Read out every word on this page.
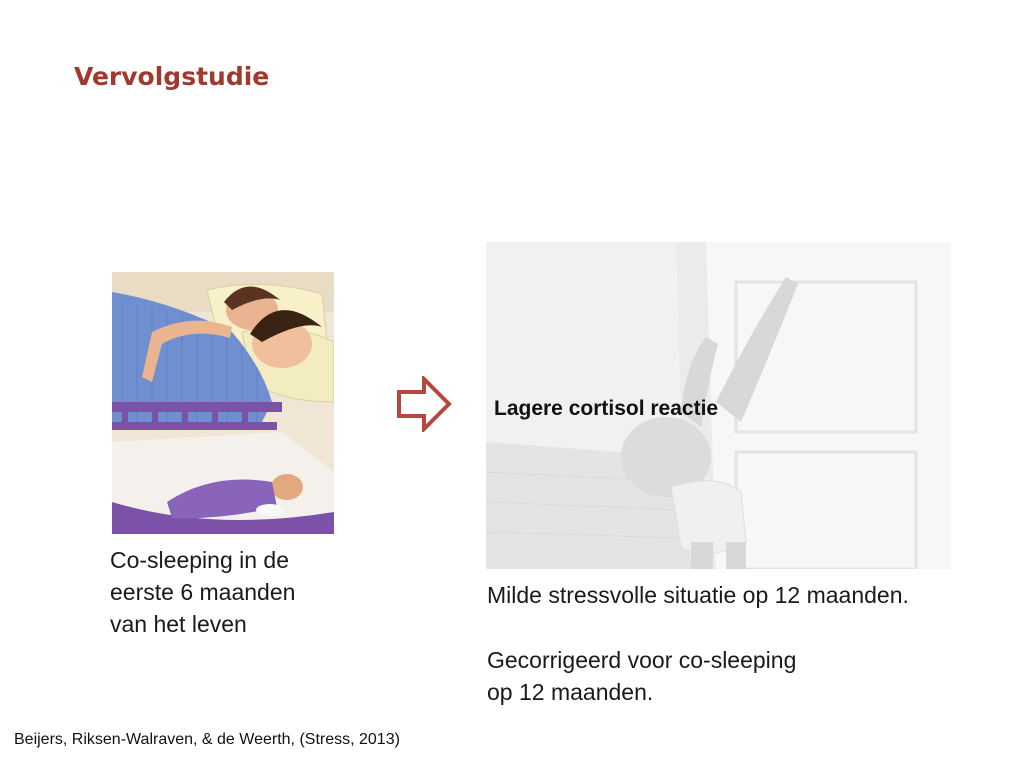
Vervolgstudie
Co-sleeping in de
eerste 6 maanden
van het leven
Lagere cortisol reactie
Milde stressvolle situatie op 12 maanden.
Gecorrigeerd voor co-sleeping
op 12 maanden.
Beijers, Riksen-Walraven, & de Weerth, (Stress, 2013)
